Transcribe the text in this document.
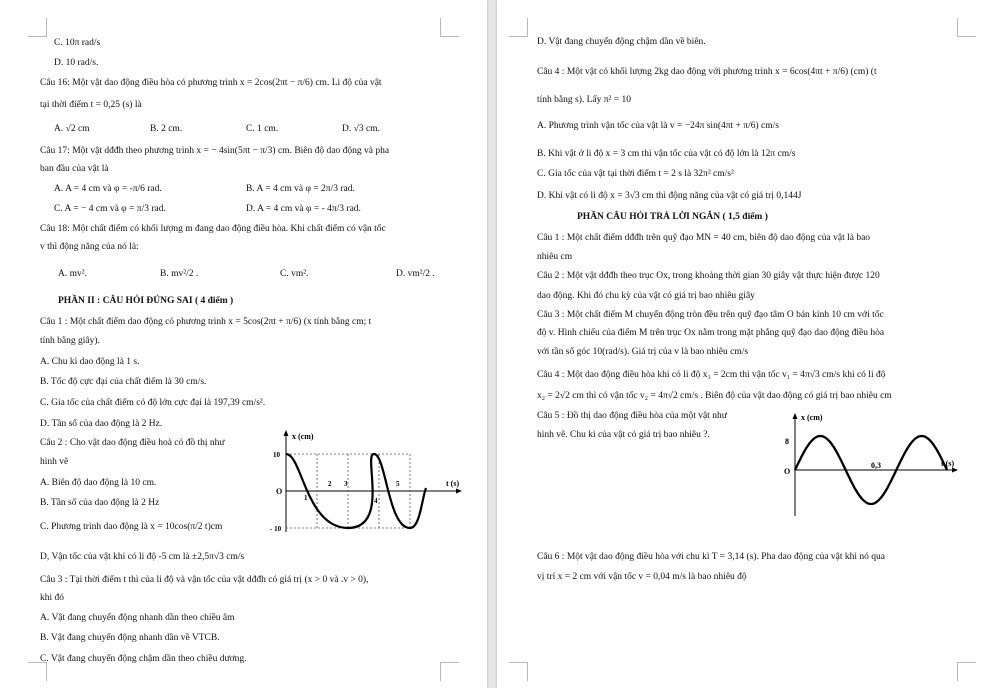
C. 10π rad/s
D. 10 rad/s.
Câu 16: Một vật dao động điều hòa có phương trình x = 2cos(2πt − π/6) cm. Li độ của vật
tại thời điểm t = 0,25 (s) là
A. √2 cm	B. 2 cm.	C. 1 cm.	D. √3 cm.
Câu 17: Một vật dđđh theo phương trình x = − 4sin(5πt − π/3) cm. Biên độ dao động và pha
ban đầu của vật là
A. A = 4 cm và φ = -π/6 rad.	B. A = 4 cm và φ = 2π/3 rad.
C. A = − 4 cm và φ = π/3 rad.	D. A = 4 cm và φ = - 4π/3 rad.
Câu 18: Một chất điểm có khối lượng m đang dao động điều hòa. Khi chất điểm có vận tốc
v thì động năng của nó là:
A. mv².	B. mv²/2 .	C. vm².	D. vm²/2 .
PHẦN II : CÂU HỎI ĐÚNG SAI ( 4 điểm )
Câu 1 : Một chất điểm dao động có phương trình x = 5cos(2πt + π/6) (x tính bằng cm; t
tính bằng giây).
A. Chu kì dao động là 1 s.
B. Tốc độ cực đại của chất điểm là 30 cm/s.
C. Gia tốc của chất điểm có độ lớn cực đại là 197,39 cm/s².
D. Tần số của dao động là 2 Hz.
Câu 2 : Cho vật dao động điều hoà có đồ thị như
hình vẽ
A. Biên độ dao động là 10 cm.
B. Tần số của dao động là 2 Hz
C. Phương trình dao động là x = 10cos(π/2 t)cm
D, Vận tốc của vật khi có li độ -5 cm là ±2,5π√3 cm/s
Câu 3 : Tại thời điểm t thì của li độ và vận tốc của vật dđđh có giá trị (x > 0 và .v > 0),
khi đó
A. Vật đang chuyển động nhanh dần theo chiều âm
B. Vật đang chuyển động nhanh dần về VTCB.
C. Vật đang chuyển động chậm dần theo chiều dương.
x (cm)
t (s)
10
O
- 10
2 3	5
1	4
D. Vật đang chuyển động chậm dần về biên.
Câu 4 : Một vật có khối lượng 2kg dao động với phương trình x = 6cos(4πt + π/6) (cm) (t
tính bằng s). Lấy π² = 10
A. Phương trình vận tốc của vật là v = −24π sin(4πt + π/6) cm/s
B. Khi vật ở li độ x = 3 cm thì vận tốc của vật có độ lớn là 12π cm/s
C. Gia tốc của vật tại thời điểm t = 2 s là 32π² cm/s²
D. Khi vật có li độ x = 3√3 cm thì động năng của vật có giá trị 0,144J
PHẦN CÂU HỎI TRẢ LỜI NGẮN ( 1,5 điểm )
Câu 1 : Một chất điểm dđđh trên quỹ đạo MN = 40 cm, biên độ dao động của vật là bao
nhiêu cm
Câu 2 : Một vật dđđh theo trục Ox, trong khoảng thời gian 30 giây vật thực hiện được 120
dao động. Khi đó chu kỳ của vật có giá trị bao nhiêu giây
Câu 3 : Một chất điểm M chuyển động tròn đều trên quỹ đạo tâm O bán kính 10 cm với tốc
độ v. Hình chiếu của điểm M trên trục Ox nằm trong mặt phẳng quỹ đạo dao động điều hòa
với tần số góc 10(rad/s). Giá trị của v là bao nhiêu cm/s
Câu 4 : Một dao động điều hòa khi có li độ x₁ = 2cm thì vận tốc v₁ = 4π√3 cm/s khi có li độ
x₂ = 2√2 cm thì có vận tốc v₂ = 4π√2 cm/s . Biên độ của vật dao động có giá trị bao nhiêu cm
Câu 5 : Đồ thị dao động điều hòa của một vật như
hình vẽ. Chu kì của vật có giá trị bao nhiêu ?.
Câu 6 : Một vật dao động điều hòa với chu kì T = 3,14 (s). Pha dao động của vật khi nó qua
vị trí x = 2 cm với vận tốc v = 0,04 m/s là bao nhiêu độ
x (cm)
t (s)
8
O
0,3
